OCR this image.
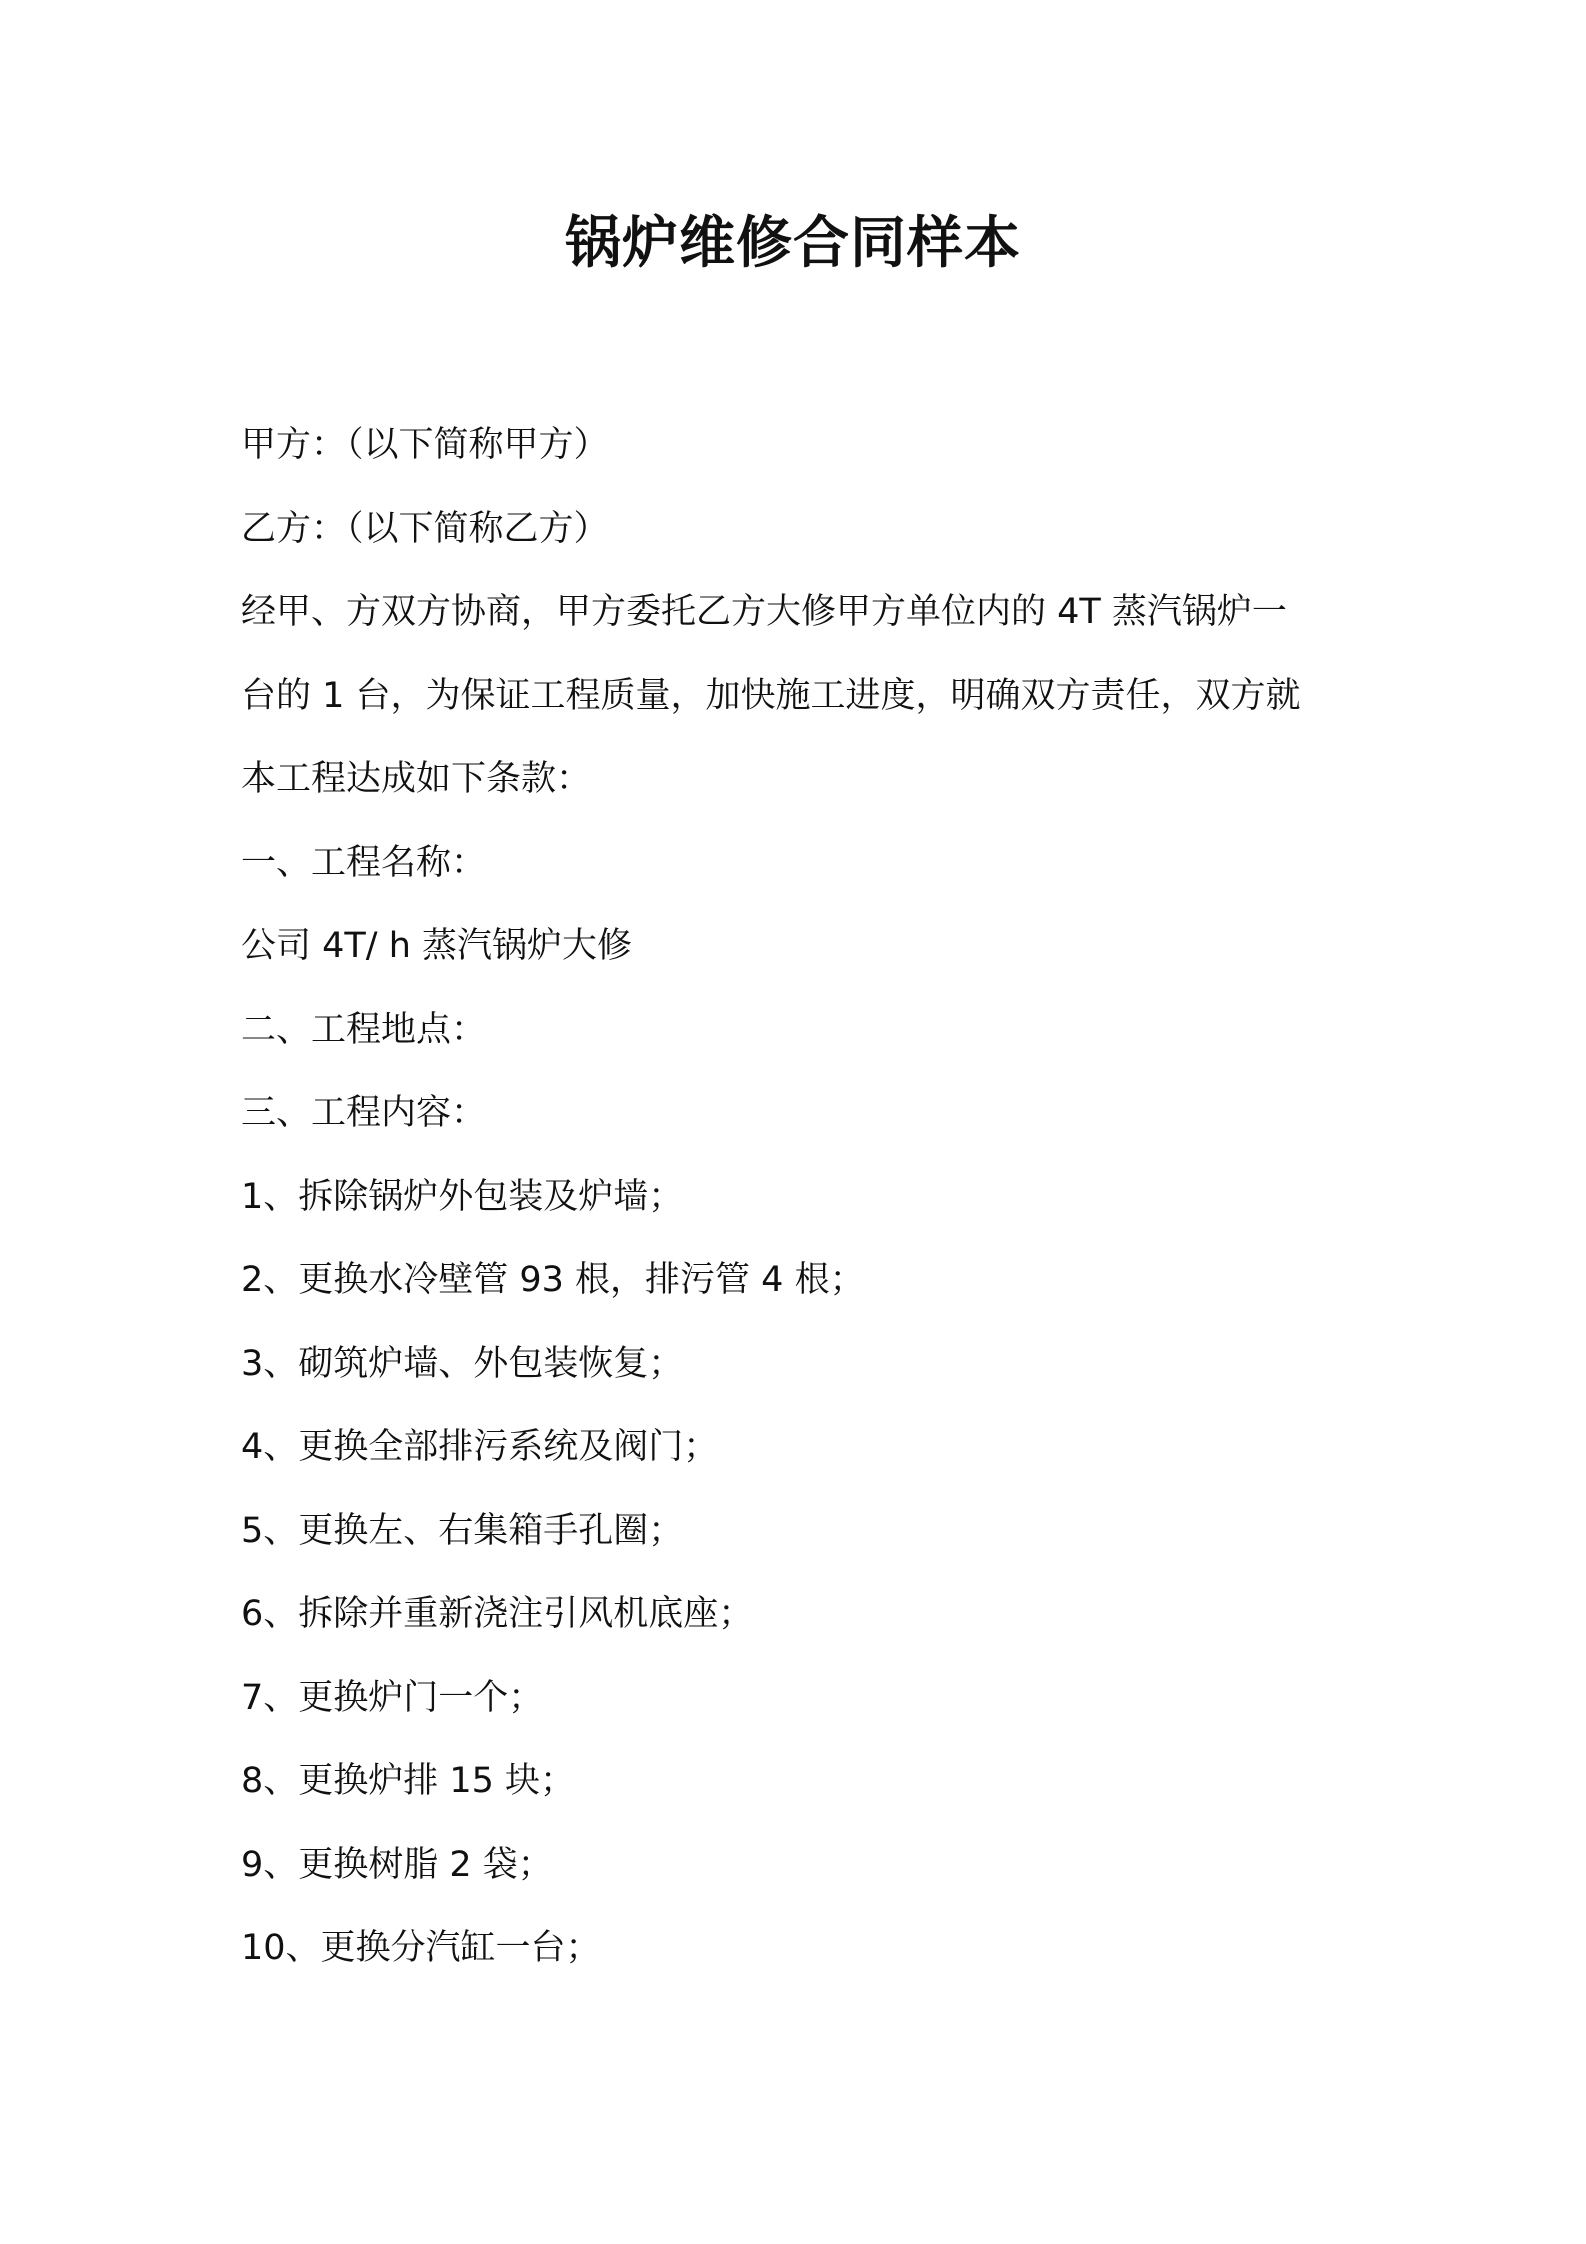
锅炉维修合同样本
甲方：（以下简称甲方）
乙方：（以下简称乙方）
经甲、方双方协商，甲方委托乙方大修甲方单位内的 4T 蒸汽锅炉一
台的 1 台，为保证工程质量，加快施工进度，明确双方责任，双方就
本工程达成如下条款：
一、工程名称：
公司 4T/ h 蒸汽锅炉大修
二、工程地点：
三、工程内容：
1、拆除锅炉外包装及炉墙；
2、更换水冷壁管 93 根，排污管 4 根；
3、砌筑炉墙、外包装恢复；
4、更换全部排污系统及阀门；
5、更换左、右集箱手孔圈；
6、拆除并重新浇注引风机底座；
7、更换炉门一个；
8、更换炉排 15 块；
9、更换树脂 2 袋；
10、更换分汽缸一台；
